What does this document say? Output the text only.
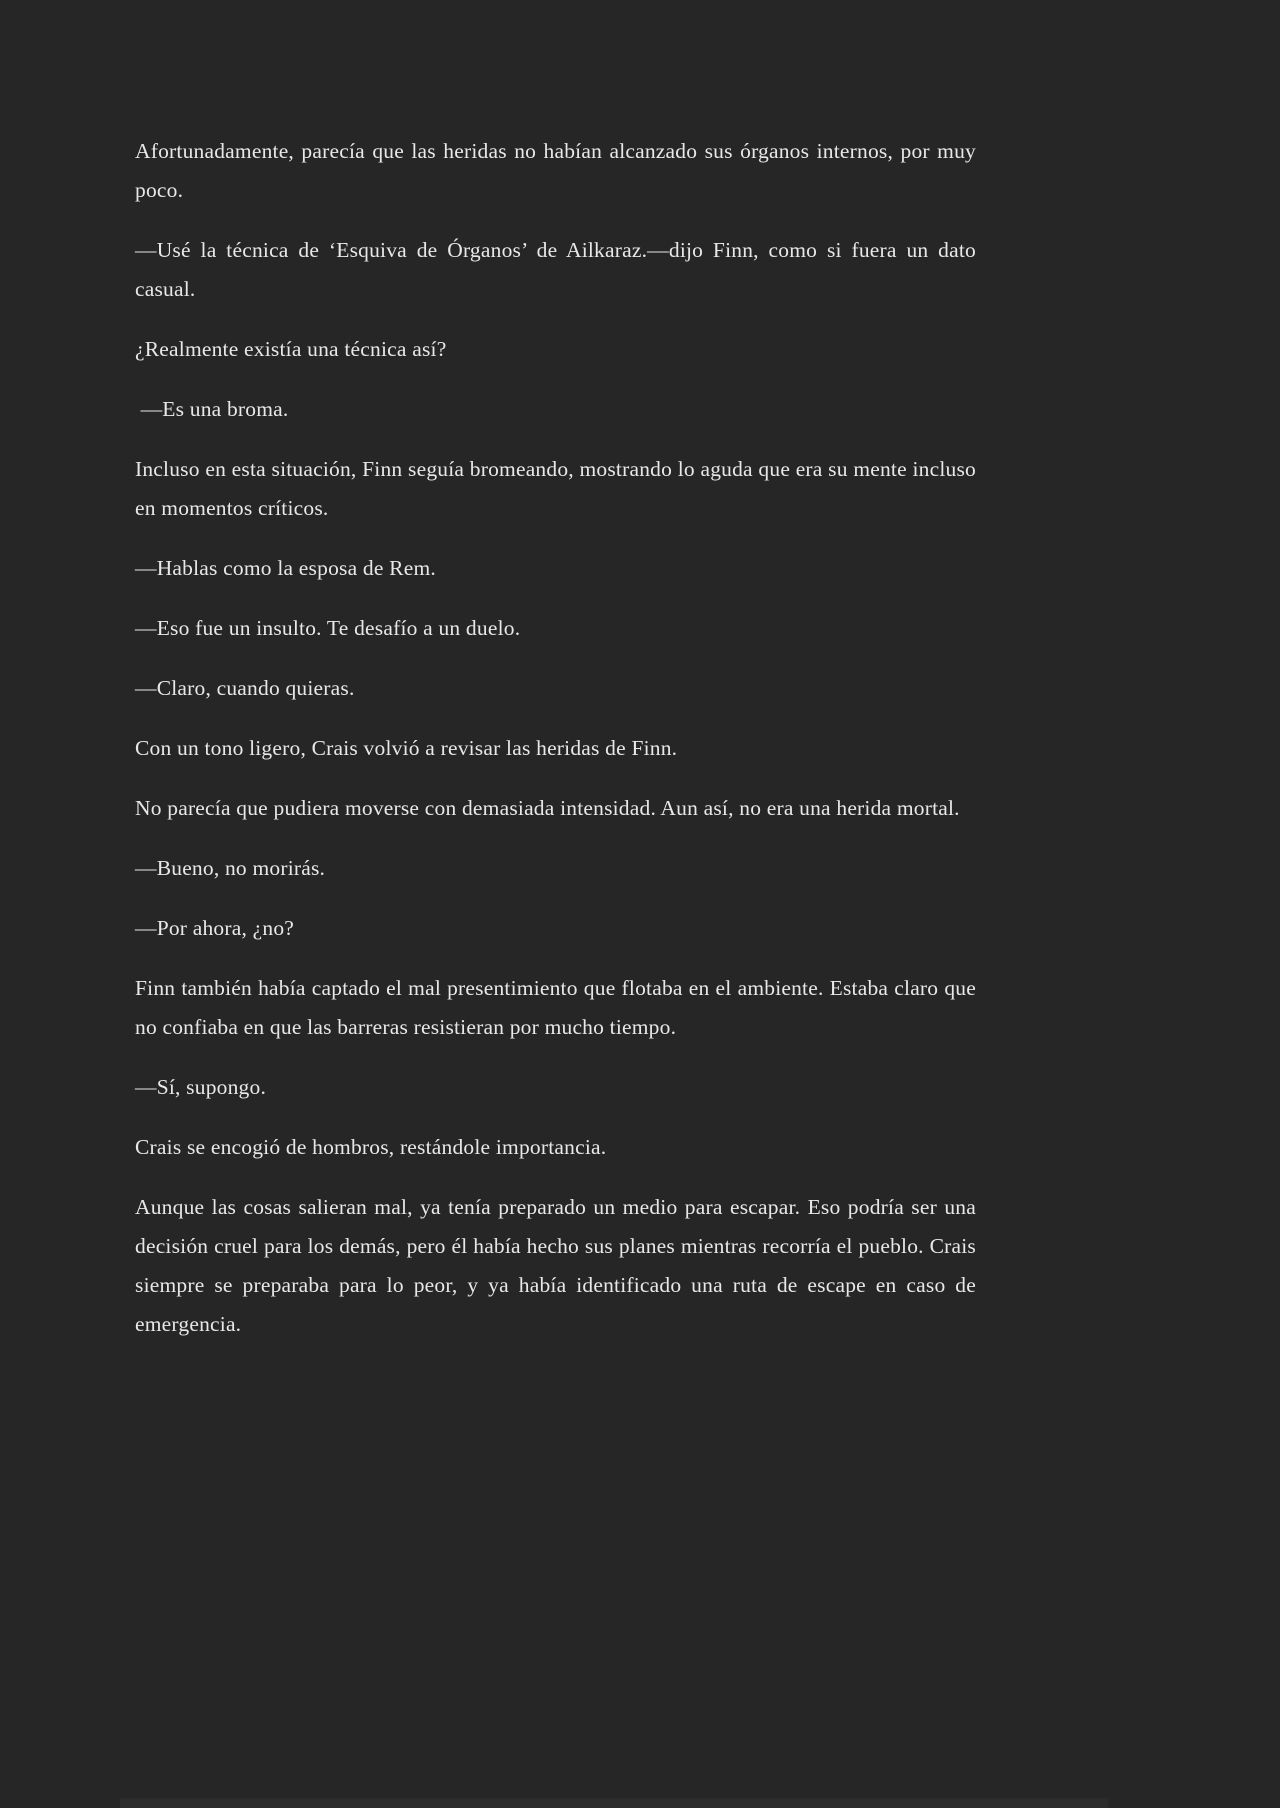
Afortunadamente, parecía que las heridas no habían alcanzado sus órganos internos, por muy poco.

—Usé la técnica de ‘Esquiva de Órganos’ de Ailkaraz.—dijo Finn, como si fuera un dato casual.

¿Realmente existía una técnica así?

—Es una broma.

Incluso en esta situación, Finn seguía bromeando, mostrando lo aguda que era su mente incluso en momentos críticos.

—Hablas como la esposa de Rem.

—Eso fue un insulto. Te desafío a un duelo.

—Claro, cuando quieras.

Con un tono ligero, Crais volvió a revisar las heridas de Finn.

No parecía que pudiera moverse con demasiada intensidad. Aun así, no era una herida mortal.

—Bueno, no morirás.

—Por ahora, ¿no?

Finn también había captado el mal presentimiento que flotaba en el ambiente. Estaba claro que no confiaba en que las barreras resistieran por mucho tiempo.

—Sí, supongo.

Crais se encogió de hombros, restándole importancia.

Aunque las cosas salieran mal, ya tenía preparado un medio para escapar. Eso podría ser una decisión cruel para los demás, pero él había hecho sus planes mientras recorría el pueblo. Crais siempre se preparaba para lo peor, y ya había identificado una ruta de escape en caso de emergencia.
